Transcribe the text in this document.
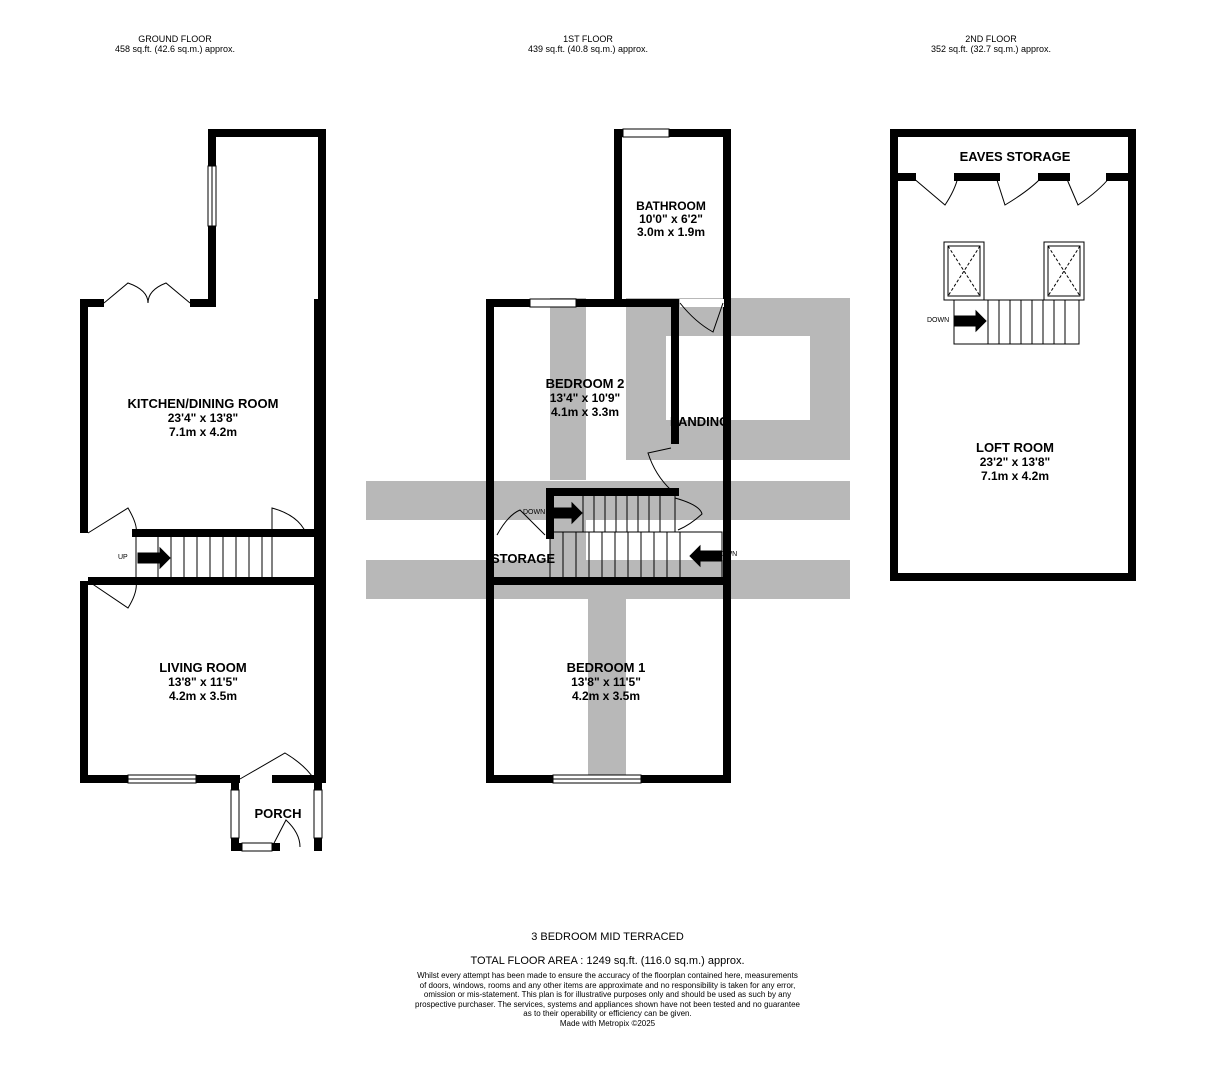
GROUND FLOOR
458 sq.ft. (42.6 sq.m.) approx.
1ST FLOOR
439 sq.ft. (40.8 sq.m.) approx.
2ND FLOOR
352 sq.ft. (32.7 sq.m.) approx.
KITCHEN/DINING ROOM
23'4" x 13'8"
7.1m x 4.2m
LIVING ROOM
13'8" x 11'5"
4.2m x 3.5m
PORCH
BATHROOM
10'0" x 6'2"
3.0m x 1.9m
BEDROOM 2
13'4" x 10'9"
4.1m x 3.3m
LANDING
STORAGE
BEDROOM 1
13'8" x 11'5"
4.2m x 3.5m
EAVES STORAGE
LOFT ROOM
23'2" x 13'8"
7.1m x 4.2m
UP
DOWN
DOWN
DOWN
3 BEDROOM MID TERRACED
TOTAL FLOOR AREA : 1249 sq.ft. (116.0 sq.m.) approx.
Whilst every attempt has been made to ensure the accuracy of the floorplan contained here, measurements
of doors, windows, rooms and any other items are approximate and no responsibility is taken for any error,
omission or mis-statement. This plan is for illustrative purposes only and should be used as such by any
prospective purchaser. The services, systems and appliances shown have not been tested and no guarantee
as to their operability or efficiency can be given.
Made with Metropix ©2025
